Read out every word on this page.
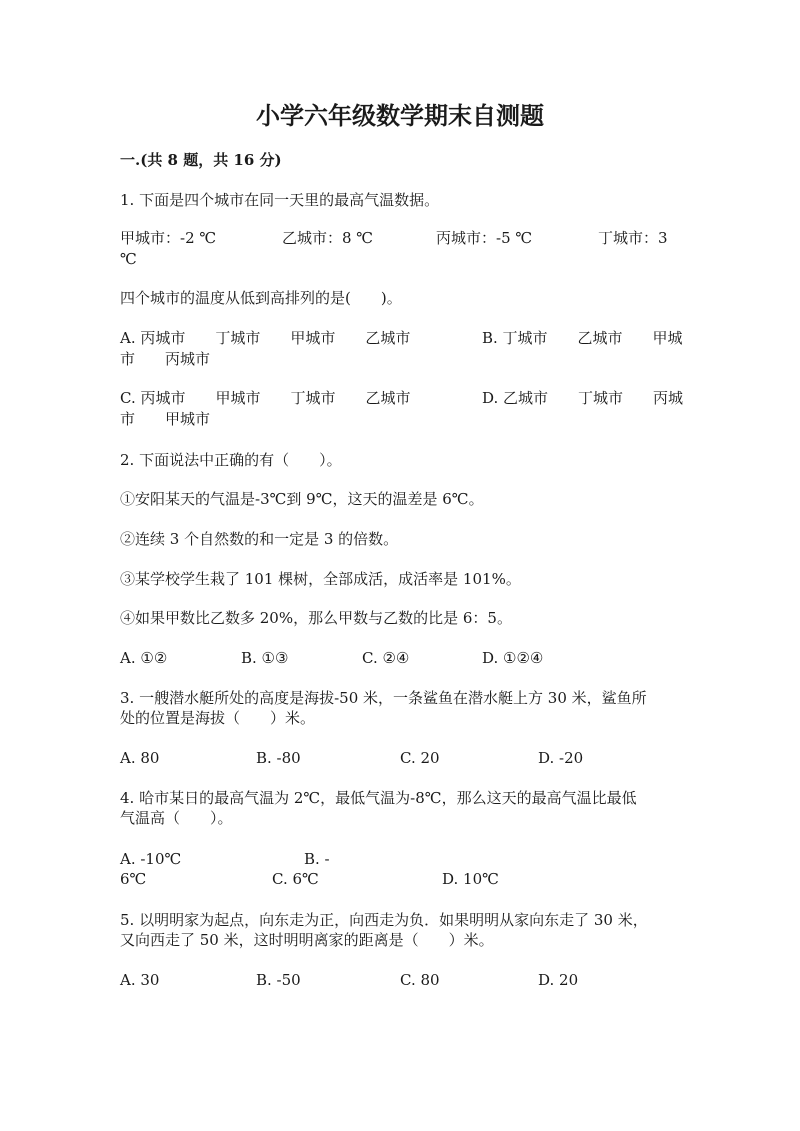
小学六年级数学期末自测题
一.(共 8 题，共 16 分)
1. 下面是四个城市在同一天里的最高气温数据。
甲城市：-2 ℃	乙城市：8 ℃	丙城市：-5 ℃	丁城市：3
℃
四个城市的温度从低到高排列的是(　　)。
A. 丙城市　　丁城市　　甲城市　　乙城市	B. 丁城市　　乙城市　　甲城
市　　丙城市
C. 丙城市　　甲城市　　丁城市　　乙城市	D. 乙城市　　丁城市　　丙城
市　　甲城市
2. 下面说法中正确的有（　　）。
①安阳某天的气温是-3℃到 9℃，这天的温差是 6℃。
②连续 3 个自然数的和一定是 3 的倍数。
③某学校学生栽了 101 棵树，全部成活，成活率是 101%。
④如果甲数比乙数多 20%，那么甲数与乙数的比是 6：5。
A. ①②	B. ①③	C. ②④	D. ①②④
3. 一艘潜水艇所处的高度是海拔-50 米，一条鲨鱼在潜水艇上方 30 米，鲨鱼所
处的位置是海拔（　　）米。
A. 80	B. -80	C. 20	D. -20
4. 哈市某日的最高气温为 2℃，最低气温为-8℃，那么这天的最高气温比最低
气温高（　　）。
A. -10℃	B. -
6℃	C. 6℃	D. 10℃
5. 以明明家为起点，向东走为正，向西走为负．如果明明从家向东走了 30 米，
又向西走了 50 米，这时明明离家的距离是（　　）米。
A. 30	B. -50	C. 80	D. 20
